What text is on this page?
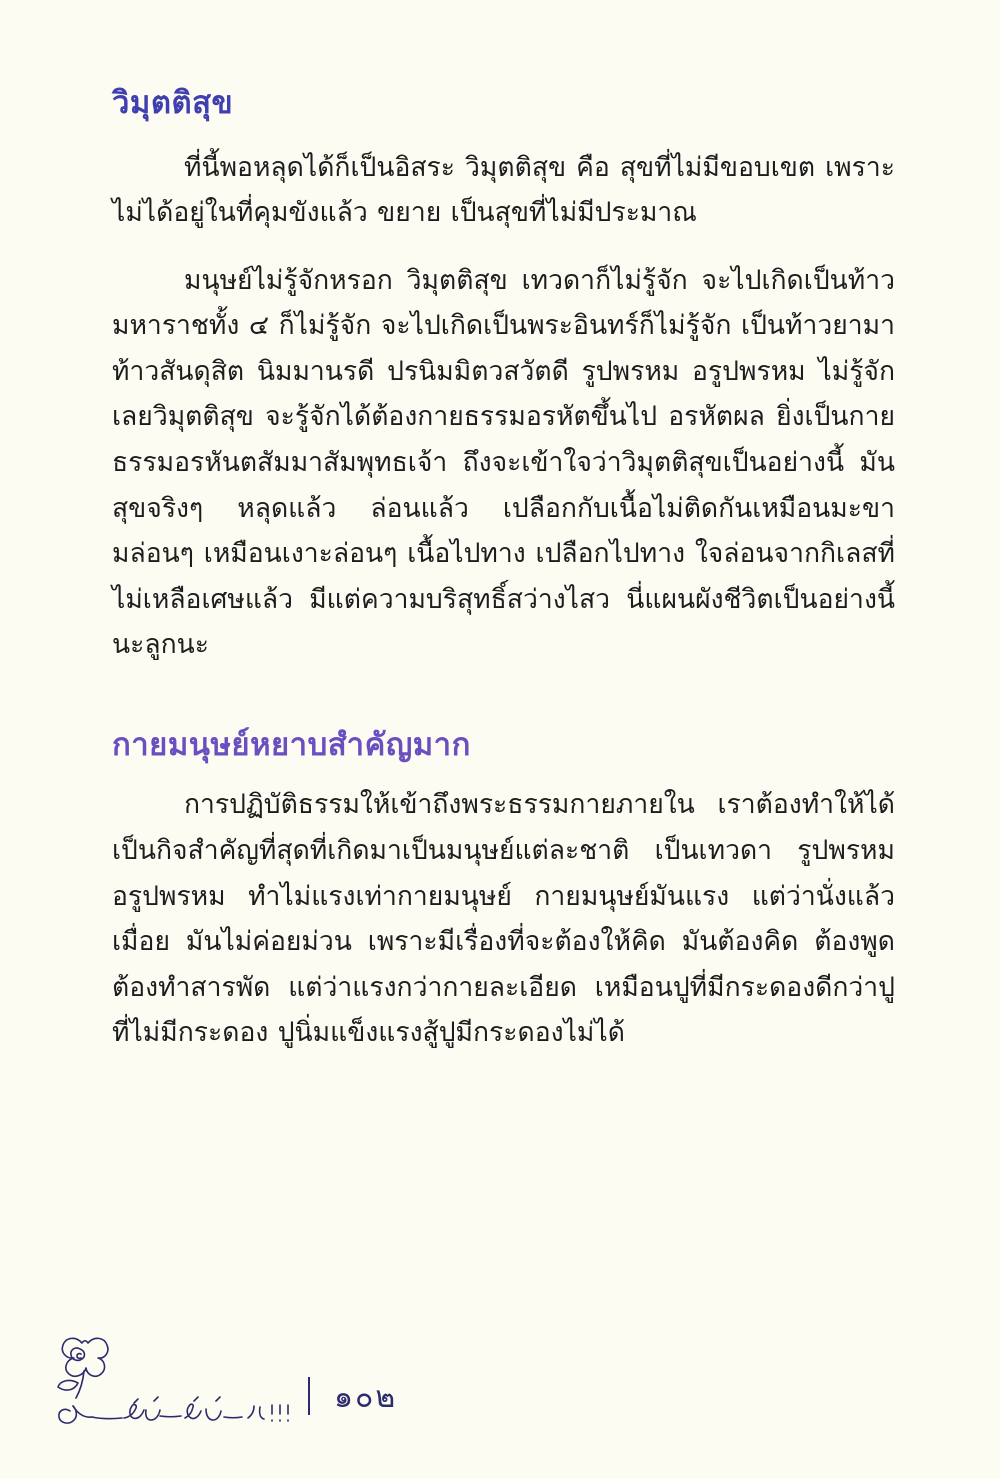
วิมุตติสุข

ที่นี้พอหลุดได้ก็เป็นอิสระ วิมุตติสุข คือ สุขที่ไม่มีขอบเขต เพราะไม่ได้อยู่ในที่คุมขังแล้ว ขยาย เป็นสุขที่ไม่มีประมาณ

มนุษย์ไม่รู้จักหรอก วิมุตติสุข เทวดาก็ไม่รู้จัก จะไปเกิดเป็นท้าวมหาราชทั้ง ๔ ก็ไม่รู้จัก จะไปเกิดเป็นพระอินทร์ก็ไม่รู้จัก เป็นท้าวยามา ท้าวสันดุสิต นิมมานรดี ปรนิมมิตวสวัตดี รูปพรหม อรูปพรหม ไม่รู้จักเลยวิมุตติสุข จะรู้จักได้ต้องกายธรรมอรหัตขึ้นไป อรหัตผล ยิ่งเป็นกายธรรมอรหันตสัมมาสัมพุทธเจ้า ถึงจะเข้าใจว่าวิมุตติสุขเป็นอย่างนี้ มันสุขจริงๆ หลุดแล้ว ล่อนแล้ว เปลือกกับเนื้อไม่ติดกันเหมือนมะขามล่อนๆ เหมือนเงาะล่อนๆ เนื้อไปทาง เปลือกไปทาง ใจล่อนจากกิเลสที่ไม่เหลือเศษแล้ว มีแต่ความบริสุทธิ์สว่างไสว นี่แผนผังชีวิตเป็นอย่างนี้นะลูกนะ

กายมนุษย์หยาบสำคัญมาก

การปฏิบัติธรรมให้เข้าถึงพระธรรมกายภายใน เราต้องทำให้ได้ เป็นกิจสำคัญที่สุดที่เกิดมาเป็นมนุษย์แต่ละชาติ เป็นเทวดา รูปพรหม อรูปพรหม ทำไม่แรงเท่ากายมนุษย์ กายมนุษย์มันแรง แต่ว่านั่งแล้วเมื่อย มันไม่ค่อยม่วน เพราะมีเรื่องที่จะต้องให้คิด มันต้องคิด ต้องพูด ต้องทำสารพัด แต่ว่าแรงกว่ากายละเอียด เหมือนปูที่มีกระดองดีกว่าปูที่ไม่มีกระดอง ปูนิ่มแข็งแรงสู้ปูมีกระดองไม่ได้

๑๐๒
